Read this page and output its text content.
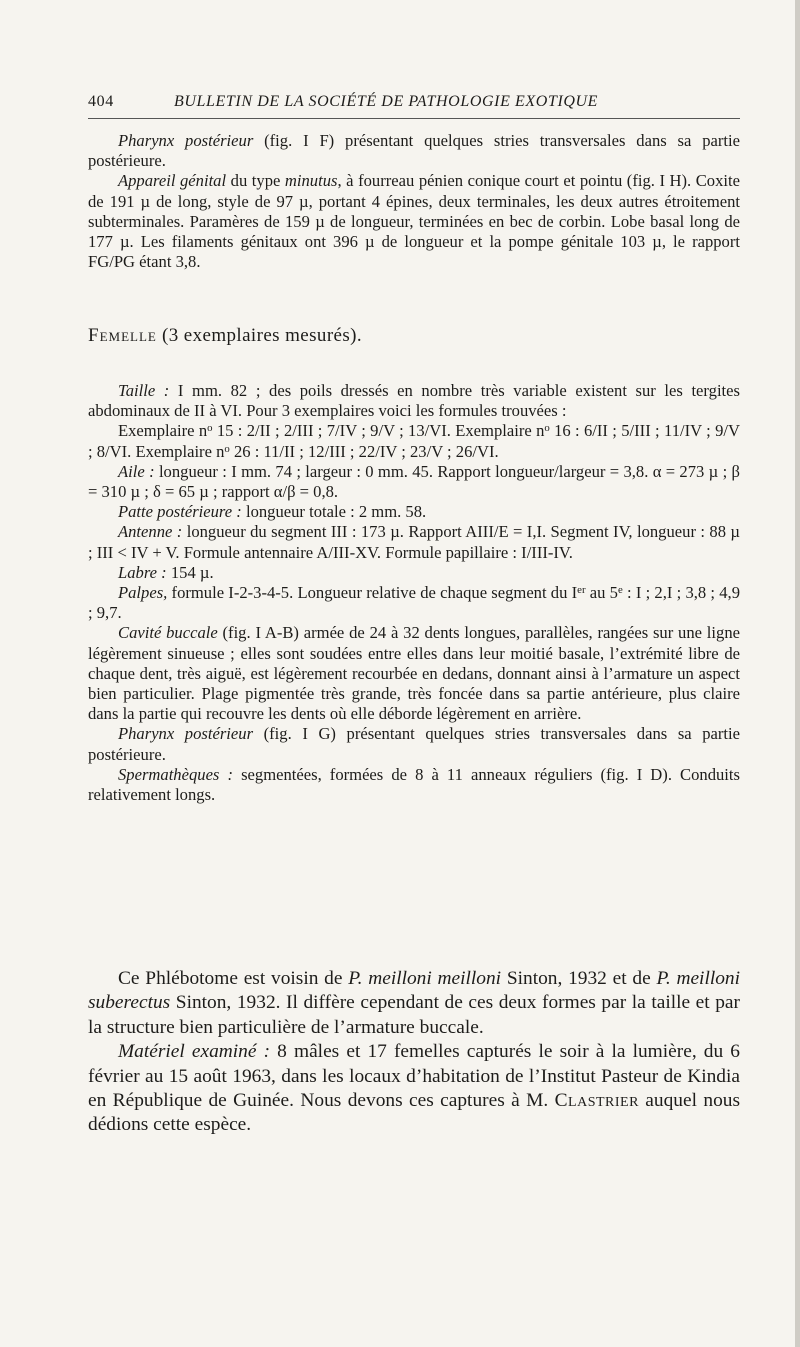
404	BULLETIN DE LA SOCIÉTÉ DE PATHOLOGIE EXOTIQUE

Pharynx postérieur (fig. I F) présentant quelques stries transversales dans sa partie postérieure.

Appareil génital du type minutus, à fourreau pénien conique court et pointu (fig. I H). Coxite de 191 µ de long, style de 97 µ, portant 4 épines, deux terminales, les deux autres étroitement subterminales. Paramères de 159 µ de longueur, terminées en bec de corbin. Lobe basal long de 177 µ. Les filaments génitaux ont 396 µ de longueur et la pompe génitale 103 µ, le rapport FG/PG étant 3,8.

Femelle (3 exemplaires mesurés).

Taille : I mm. 82 ; des poils dressés en nombre très variable existent sur les tergites abdominaux de II à VI. Pour 3 exemplaires voici les formules trouvées :

Exemplaire $n^o$ 15 : 2/II ; 2/III ; 7/IV ; 9/V ; 13/VI. Exemplaire $n^o$ 16 : 6/II ; 5/III ; 11/IV ; 9/V ; 8/VI. Exemplaire $n^o$ 26 : 11/II ; 12/III ; 22/IV ; 23/V ; 26/VI.

Aile : longueur : I mm. 74 ; largeur : 0 mm. 45. Rapport longueur/largeur = 3,8. α = 273 µ ; β = 310 µ ; δ = 65 µ ; rapport α/β = 0,8.

Patte postérieure : longueur totale : 2 mm. 58.

Antenne : longueur du segment III : 173 µ. Rapport AIII/E = I,I. Segment IV, longueur : 88 µ ; III < IV + V. Formule antennaire A/III-XV. Formule papillaire : I/III-IV.

Labre : 154 µ.

Palpes, formule I-2-3-4-5. Longueur relative de chaque segment du Ier au 5e : I ; 2,I ; 3,8 ; 4,9 ; 9,7.

Cavité buccale (fig. I A-B) armée de 24 à 32 dents longues, parallèles, rangées sur une ligne légèrement sinueuse ; elles sont soudées entre elles dans leur moitié basale, l’extrémité libre de chaque dent, très aiguë, est légèrement recourbée en dedans, donnant ainsi à l’armature un aspect bien particulier. Plage pigmentée très grande, très foncée dans sa partie antérieure, plus claire dans la partie qui recouvre les dents où elle déborde légèrement en arrière.

Pharynx postérieur (fig. I G) présentant quelques stries transversales dans sa partie postérieure.

Spermathèques : segmentées, formées de 8 à 11 anneaux réguliers (fig. I D). Conduits relativement longs.

Ce Phlébotome est voisin de P. meilloni meilloni Sinton, 1932 et de P. meilloni suberectus Sinton, 1932. Il diffère cependant de ces deux formes par la taille et par la structure bien particulière de l’armature buccale.

Matériel examiné : 8 mâles et 17 femelles capturés le soir à la lumière, du 6 février au 15 août 1963, dans les locaux d’habitation de l’Institut Pasteur de Kindia en République de Guinée. Nous devons ces captures à M. Clastrier auquel nous dédions cette espèce.
